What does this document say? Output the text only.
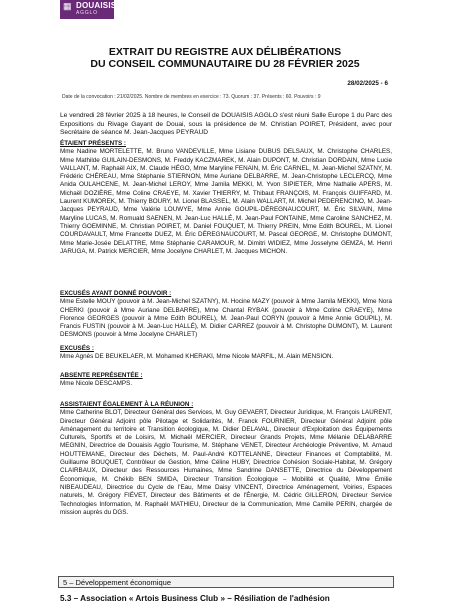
▦ DOUAISIS
AGGLO
EXTRAIT DU REGISTRE AUX DÉLIBÉRATIONS
DU CONSEIL COMMUNAUTAIRE DU 28 FÉVRIER 2025
28/02/2025 - 6
Date de la convocation : 21/02/2025. Nombre de membres en exercice : 73. Quorum : 37. Présents : 60. Pouvoirs : 9
Le vendredi 28 février 2025 à 18 heures, le Conseil de DOUAISIS AGGLO s'est réuni Salle Europe 1 du Parc des Expositions du Rivage Gayant de Douai, sous la présidence de M. Christian POIRET, Président, avec pour Secrétaire de séance M. Jean-Jacques PEYRAUD
ÉTAIENT PRÉSENTS :
Mme Nadine MORTELETTE, M. Bruno VANDEVILLE, Mme Lisiane DUBUS DELSAUX, M. Christophe CHARLES, Mme Mathilde GUILAIN-DESMONS, M. Freddy KACZMAREK, M. Alain DUPONT, M. Christian DORDAIN, Mme Lucie VAILLANT, M. Raphaël AIX, M. Claude HÉGO, Mme Maryline FENAIN, M. Éric CARNEL, M. Jean-Michel SZATNY, M. Frédéric CHÉREAU, Mme Stéphanie STIERNON, Mme Auriane DELBARRE, M. Jean-Christophe LECLERCQ, Mme Anida OULAHCENE, M. Jean-Michel LEROY, Mme Jamila MEKKI, M. Yvon SIPIETER, Mme Nathalie APERS, M. Michaël DOZIÈRE, Mme Coline CRAEYE, M. Xavier THIERRY, M. Thibaut FRANÇOIS, M. François GUIFFARD, M. Laurent KUMOREK, M. Thierry BOURY, M. Lionel BLASSEL, M. Alain WALLART, M. Michel PEDERENCINO, M. Jean-Jacques PEYRAUD, Mme Valérie LOUWYE, Mme Annie GOUPIL-DÉREGNAUCOURT, M. Éric SILVAIN, Mme Maryline LUCAS, M. Romuald SAENEN, M. Jean-Luc HALLÉ, M. Jean-Paul FONTAINE, Mme Caroline SANCHEZ, M. Thierry GOEMINNE, M. Christian POIRET, M. Daniel FOUQUET, M. Thierry PREIN, Mme Edith BOUREL, M. Lionel COURDAVAULT, Mme Francette DUEZ, M. Éric DÉREGNAUCOURT, M. Pascal GEORGE, M. Christophe DUMONT, Mme Marie-Josée DELATTRE, Mme Stéphanie CARAMOUR, M. Dimitri WIDIEZ, Mme Josselyne GEMZA, M. Henri JARUGA, M. Patrick MERCIER, Mme Jocelyne CHARLET, M. Jacques MICHON.
EXCUSÉS AYANT DONNÉ POUVOIR :
Mme Estelle MOUY (pouvoir à M. Jean-Michel SZATNY), M. Hocine MAZY (pouvoir à Mme Jamila MEKKI), Mme Nora CHERKI (pouvoir à Mme Auriane DELBARRE), Mme Chantal RYBAK (pouvoir à Mme Coline CRAEYE), Mme Florence GEORGES (pouvoir à Mme Edith BOUREL), M. Jean-Paul CORYN (pouvoir à Mme Annie GOUPIL), M. Francis FUSTIN (pouvoir à M. Jean-Luc HALLÉ), M. Didier CARREZ (pouvoir à M. Christophe DUMONT), M. Laurent DESMONS (pouvoir à Mme Jocelyne CHARLET)
EXCUSÉS :
Mme Agnès DE BEUKELAER, M. Mohamed KHERAKI, Mme Nicole MARFIL, M. Alain MENSION.
ABSENTE REPRÉSENTÉE :
Mme Nicole DESCAMPS.
ASSISTAIENT ÉGALEMENT À LA RÉUNION :
Mme Catherine BLOT, Directeur Général des Services, M. Guy GEVAERT, Directeur Juridique, M. François LAURENT, Directeur Général Adjoint pôle Pilotage et Solidarités, M. Franck FOURNIER, Directeur Général Adjoint pôle Aménagement du territoire et Transition écologique, M. Didier DELAVAL, Directeur d'Exploitation des Équipements Culturels, Sportifs et de Loisirs, M. Michaël MERCIER, Directeur Grands Projets, Mme Mélanie DELABARRE MEGNIN, Directrice de Douaisis Agglo Tourisme, M. Stéphane VENET, Directeur Archéologie Préventive, M. Arnaud HOUTTEMANE, Directeur des Déchets, M. Paul-André KOTTELANNE, Directeur Finances et Comptabilité, M. Guillaume BOUQUET, Contrôleur de Gestion, Mme Céline HUBY, Directrice Cohésion Sociale-Habitat, M. Grégory CLAIRBAUX, Directeur des Ressources Humaines, Mme Sandrine DANSETTE, Directrice du Développement Économique, M. Chékib BEN SMIDA, Directeur Transition Écologique – Mobilité et Qualité, Mme Émilie NIBEAUDEAU, Directrice du Cycle de l'Eau, Mme Daisy VINCENT, Directrice Aménagement, Voiries, Espaces naturels, M. Grégory FIÉVET, Directeur des Bâtiments et de l'Énergie, M. Cédric GILLERON, Directeur Service Technologies Information, M. Raphaël MATHIEU, Directeur de la Communication, Mme Camille PERIN, chargée de mission auprès du DGS.
5 – Développement économique
5.3 – Association « Artois Business Club » – Résiliation de l'adhésion
